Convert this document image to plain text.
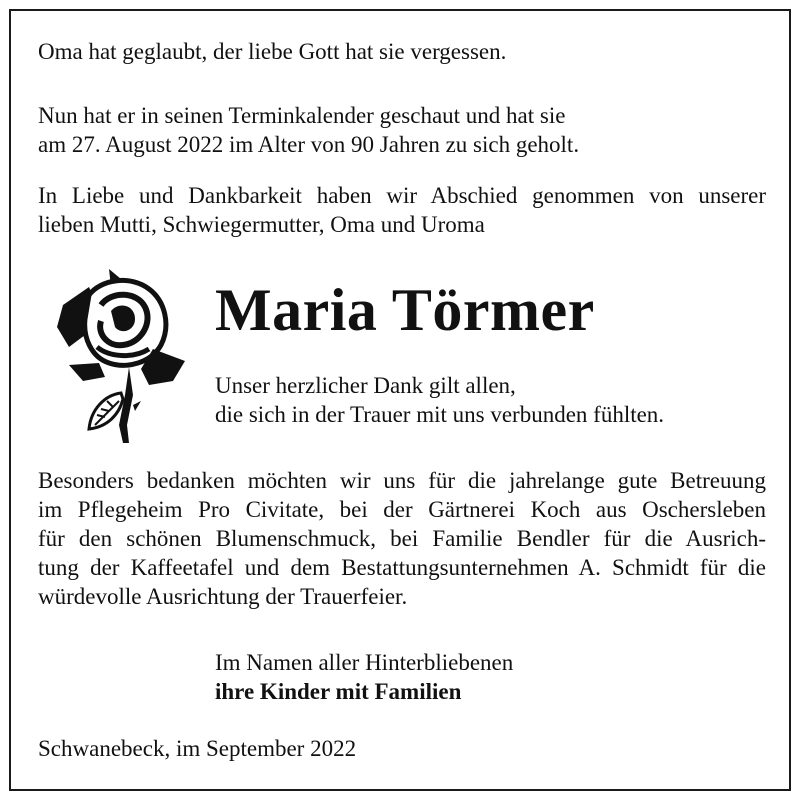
Oma hat geglaubt, der liebe Gott hat sie vergessen.

Nun hat er in seinen Terminkalender geschaut und hat sie

am 27. August 2022 im Alter von 90 Jahren zu sich geholt.

In Liebe und Dankbarkeit haben wir Abschied genommen von unserer

lieben Mutti, Schwiegermutter, Oma und Uroma

Maria Törmer

Unser herzlicher Dank gilt allen,

die sich in der Trauer mit uns verbunden fühlten.

Besonders bedanken möchten wir uns für die jahrelange gute Betreuung
im Pflegeheim Pro Civitate, bei der Gärtnerei Koch aus Oschersleben
für den schönen Blumenschmuck, bei Familie Bendler für die Ausrich-
tung der Kaffeetafel und dem Bestattungsunternehmen A. Schmidt für die

würdevolle Ausrichtung der Trauerfeier.

Im Namen aller Hinterbliebenen

ihre Kinder mit Familien

Schwanebeck, im September 2022
